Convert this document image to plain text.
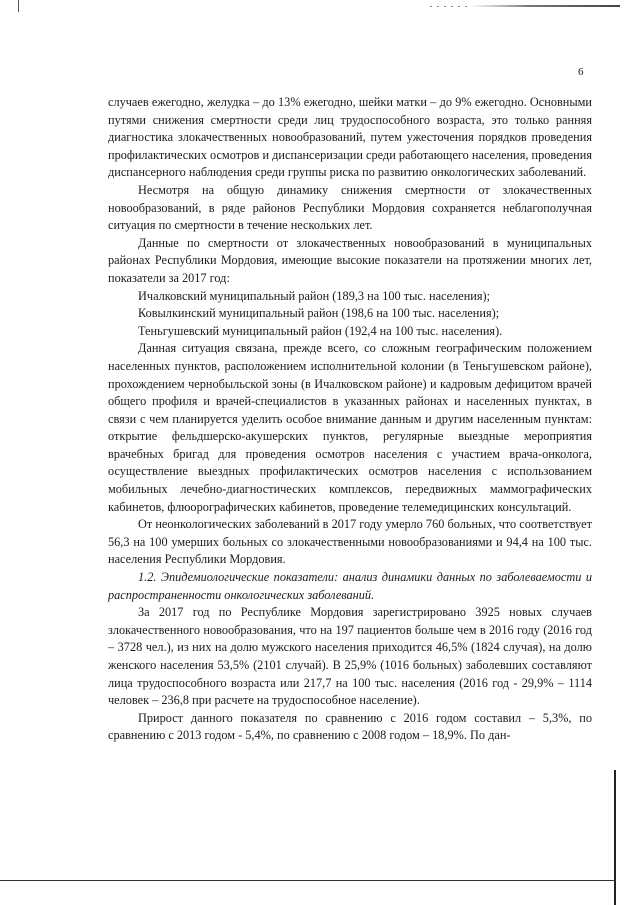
6

случаев ежегодно, желудка – до 13% ежегодно, шейки матки – до 9% ежегодно. Основными путями снижения смертности среди лиц трудоспособного возраста, это только ранняя диагностика злокачественных новообразований, путем ужесточения порядков проведения профилактических осмотров и диспансеризации среди работающего населения, проведения диспансерного наблюдения среди группы риска по развитию онкологических заболеваний.

Несмотря на общую динамику снижения смертности от злокачественных новообразований, в ряде районов Республики Мордовия сохраняется неблагополучная ситуация по смертности в течение нескольких лет.

Данные по смертности от злокачественных новообразований в муниципальных районах Республики Мордовия, имеющие высокие показатели на протяжении многих лет, показатели за 2017 год:

Ичалковский муниципальный район (189,3 на 100 тыс. населения);

Ковылкинский муниципальный район (198,6 на 100 тыс. населения);

Теньгушевский муниципальный район (192,4 на 100 тыс. населения).

Данная ситуация связана, прежде всего, со сложным географическим положением населенных пунктов, расположением исполнительной колонии (в Теньгушевском районе), прохождением чернобыльской зоны (в Ичалковском районе) и кадровым дефицитом врачей общего профиля и врачей-специалистов в указанных районах и населенных пунктах, в связи с чем планируется уделить особое внимание данным и другим населенным пунктам: открытие фельдшерско-акушерских пунктов, регулярные выездные мероприятия врачебных бригад для проведения осмотров населения с участием врача-онколога, осуществление выездных профилактических осмотров населения с использованием мобильных лечебно-диагностических комплексов, передвижных маммографических кабинетов, флюорографических кабинетов, проведение телемедицинских консультаций.

От неонкологических заболеваний в 2017 году умерло 760 больных, что соответствует 56,3 на 100 умерших больных со злокачественными новообразованиями и 94,4 на 100 тыс. населения Республики Мордовия.

1.2. Эпидемиологические показатели: анализ динамики данных по заболеваемости и распространенности онкологических заболеваний.

За 2017 год по Республике Мордовия зарегистрировано 3925 новых случаев злокачественного новообразования, что на 197 пациентов больше чем в 2016 году (2016 год – 3728 чел.), из них на долю мужского населения приходится 46,5% (1824 случая), на долю женского населения 53,5% (2101 случай). В 25,9% (1016 больных) заболевших составляют лица трудоспособного возраста или 217,7 на 100 тыс. населения (2016 год - 29,9% – 1114 человек – 236,8 при расчете на трудоспособное население).

Прирост данного показателя по сравнению с 2016 годом составил – 5,3%, по сравнению с 2013 годом - 5,4%, по сравнению с 2008 годом – 18,9%. По дан-
